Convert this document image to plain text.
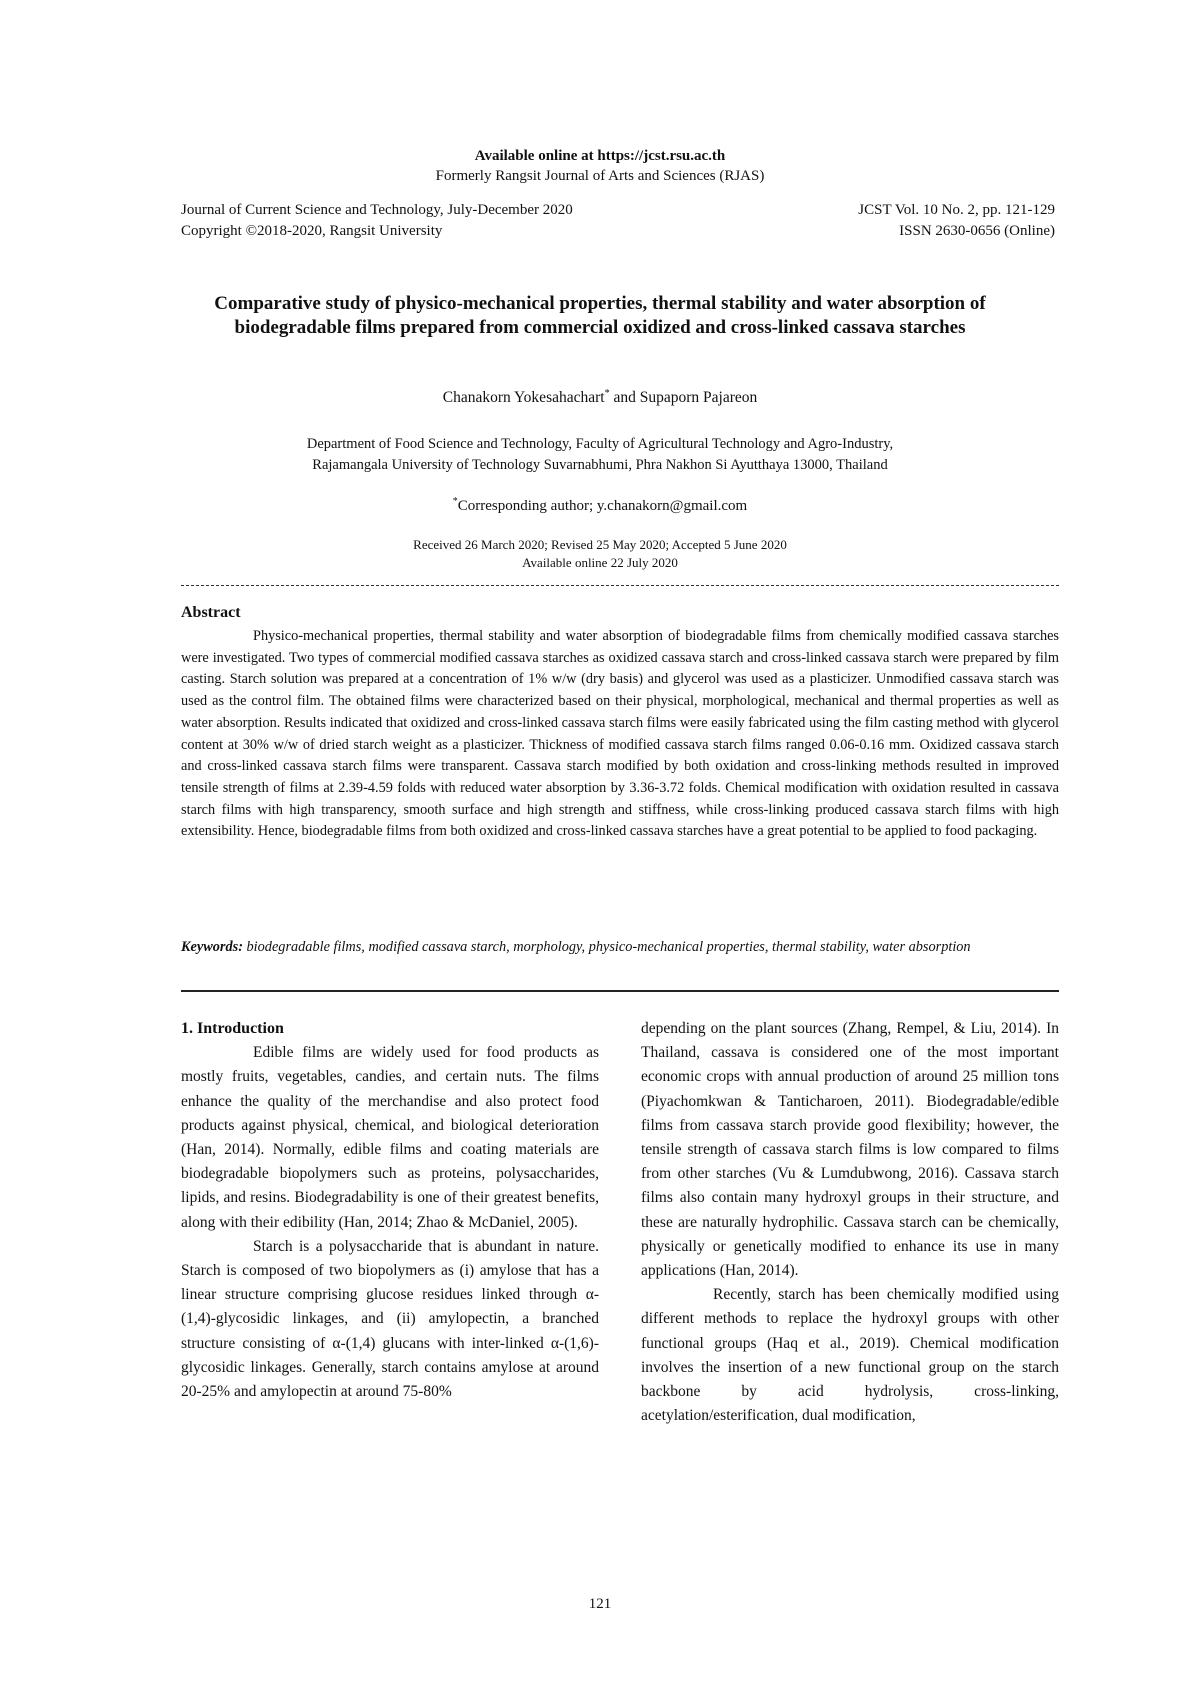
Available online at https://jcst.rsu.ac.th
Formerly Rangsit Journal of Arts and Sciences (RJAS)
Journal of Current Science and Technology, July-December 2020
Copyright ©2018-2020, Rangsit University
JCST Vol. 10 No. 2, pp. 121-129
ISSN 2630-0656 (Online)
Comparative study of physico-mechanical properties, thermal stability and water absorption of biodegradable films prepared from commercial oxidized and cross-linked cassava starches
Chanakorn Yokesahachart* and Supaporn Pajareon
Department of Food Science and Technology, Faculty of Agricultural Technology and Agro-Industry,
Rajamangala University of Technology Suvarnabhumi, Phra Nakhon Si Ayutthaya 13000, Thailand
*Corresponding author; y.chanakorn@gmail.com
Received 26 March 2020; Revised 25 May 2020; Accepted 5 June 2020
Available online 22 July 2020
Abstract

Physico-mechanical properties, thermal stability and water absorption of biodegradable films from chemically modified cassava starches were investigated. Two types of commercial modified cassava starches as oxidized cassava starch and cross-linked cassava starch were prepared by film casting. Starch solution was prepared at a concentration of 1% w/w (dry basis) and glycerol was used as a plasticizer. Unmodified cassava starch was used as the control film. The obtained films were characterized based on their physical, morphological, mechanical and thermal properties as well as water absorption. Results indicated that oxidized and cross-linked cassava starch films were easily fabricated using the film casting method with glycerol content at 30% w/w of dried starch weight as a plasticizer. Thickness of modified cassava starch films ranged 0.06-0.16 mm. Oxidized cassava starch and cross-linked cassava starch films were transparent. Cassava starch modified by both oxidation and cross-linking methods resulted in improved tensile strength of films at 2.39-4.59 folds with reduced water absorption by 3.36-3.72 folds. Chemical modification with oxidation resulted in cassava starch films with high transparency, smooth surface and high strength and stiffness, while cross-linking produced cassava starch films with high extensibility. Hence, biodegradable films from both oxidized and cross-linked cassava starches have a great potential to be applied to food packaging.

Keywords: biodegradable films, modified cassava starch, morphology, physico-mechanical properties, thermal stability, water absorption
1. Introduction

Edible films are widely used for food products as mostly fruits, vegetables, candies, and certain nuts. The films enhance the quality of the merchandise and also protect food products against physical, chemical, and biological deterioration (Han, 2014). Normally, edible films and coating materials are biodegradable biopolymers such as proteins, polysaccharides, lipids, and resins. Biodegradability is one of their greatest benefits, along with their edibility (Han, 2014; Zhao & McDaniel, 2005).

Starch is a polysaccharide that is abundant in nature. Starch is composed of two biopolymers as (i) amylose that has a linear structure comprising glucose residues linked through α-(1,4)-glycosidic linkages, and (ii) amylopectin, a branched structure consisting of α-(1,4) glucans with inter-linked α-(1,6)-glycosidic linkages. Generally, starch contains amylose at around 20-25% and amylopectin at around 75-80%

depending on the plant sources (Zhang, Rempel, & Liu, 2014). In Thailand, cassava is considered one of the most important economic crops with annual production of around 25 million tons (Piyachomkwan & Tanticharoen, 2011). Biodegradable/edible films from cassava starch provide good flexibility; however, the tensile strength of cassava starch films is low compared to films from other starches (Vu & Lumdubwong, 2016). Cassava starch films also contain many hydroxyl groups in their structure, and these are naturally hydrophilic. Cassava starch can be chemically, physically or genetically modified to enhance its use in many applications (Han, 2014).

Recently, starch has been chemically modified using different methods to replace the hydroxyl groups with other functional groups (Haq et al., 2019). Chemical modification involves the insertion of a new functional group on the starch backbone by acid hydrolysis, cross-linking, acetylation/esterification, dual modification,

121
